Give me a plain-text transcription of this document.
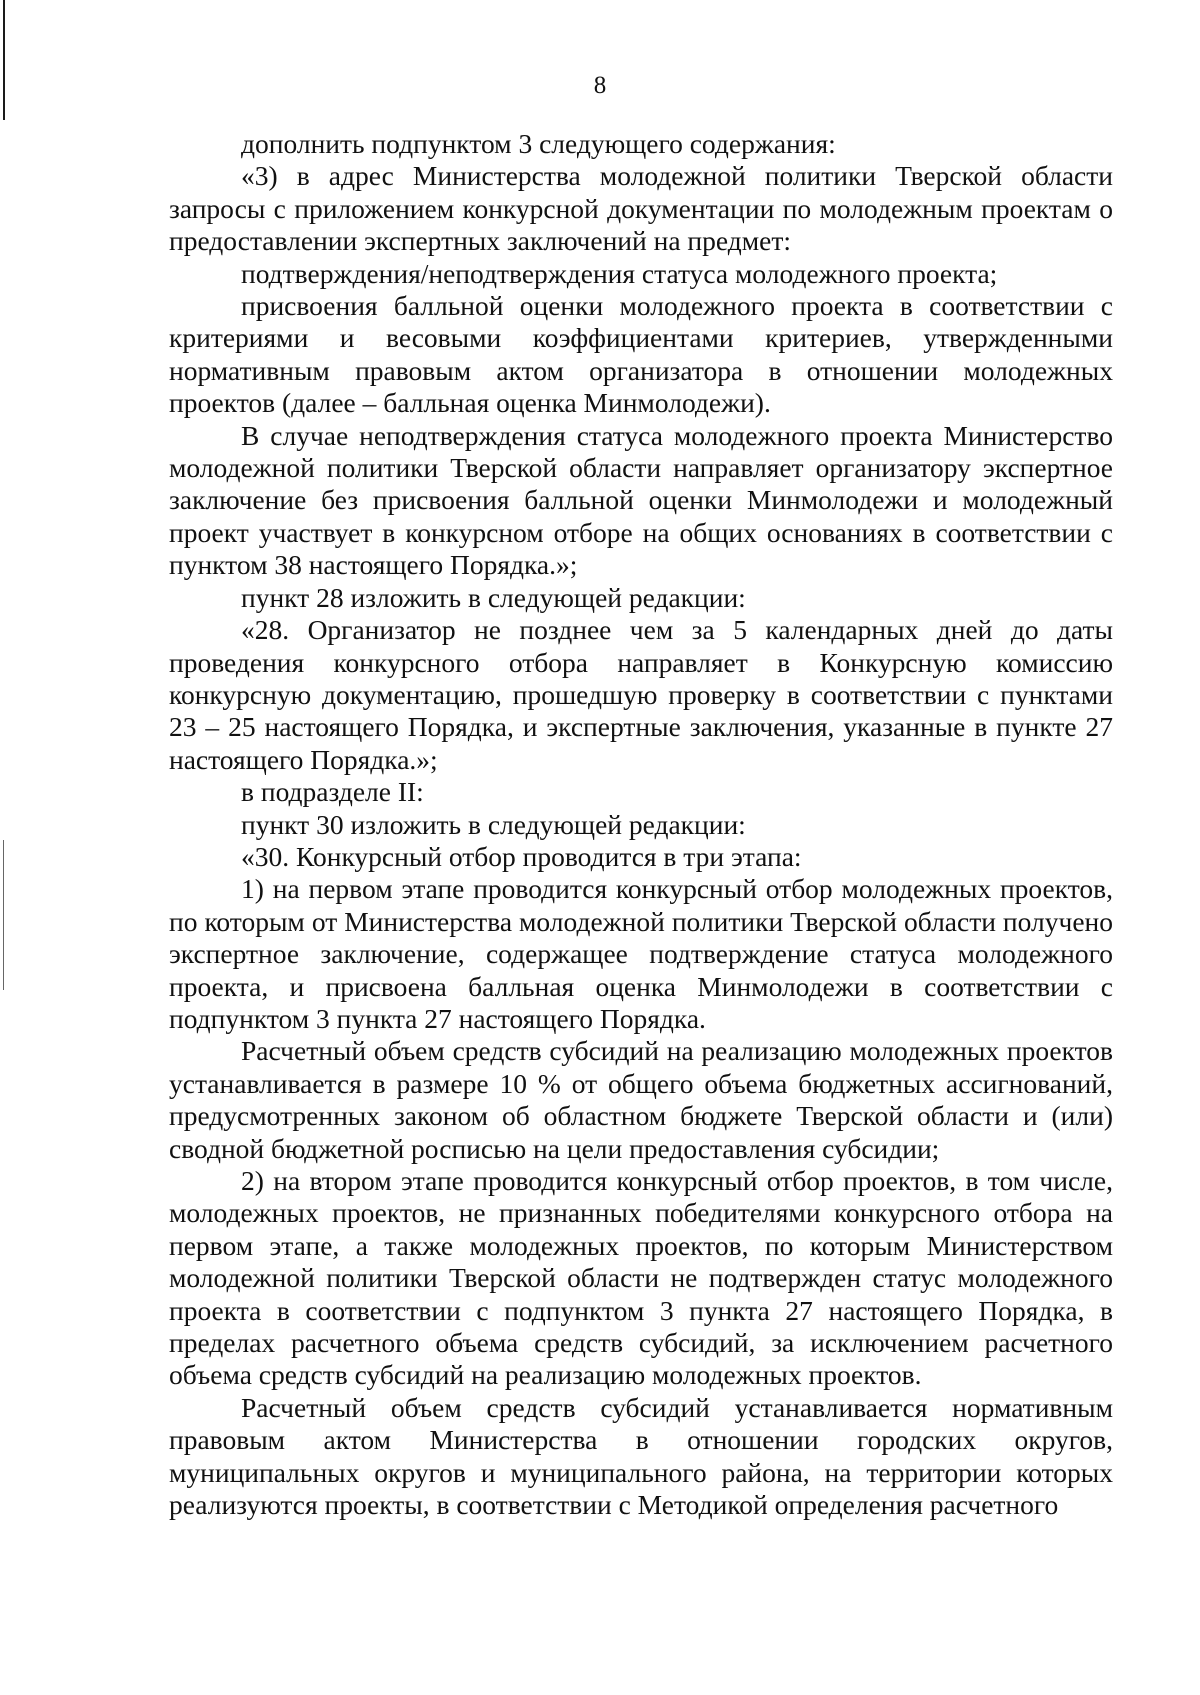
8

дополнить подпунктом 3 следующего содержания:

«3) в адрес Министерства молодежной политики Тверской области запросы с приложением конкурсной документации по молодежным проектам о предоставлении экспертных заключений на предмет:

подтверждения/неподтверждения статуса молодежного проекта;

присвоения балльной оценки молодежного проекта в соответствии с критериями и весовыми коэффициентами критериев, утвержденными нормативным правовым актом организатора в отношении молодежных проектов (далее – балльная оценка Минмолодежи).

В случае неподтверждения статуса молодежного проекта Министерство молодежной политики Тверской области направляет организатору экспертное заключение без присвоения балльной оценки Минмолодежи и молодежный проект участвует в конкурсном отборе на общих основаниях в соответствии с пунктом 38 настоящего Порядка.»;

пункт 28 изложить в следующей редакции:

«28. Организатор не позднее чем за 5 календарных дней до даты проведения конкурсного отбора направляет в Конкурсную комиссию конкурсную документацию, прошедшую проверку в соответствии с пунктами 23 – 25 настоящего Порядка, и экспертные заключения, указанные в пункте 27 настоящего Порядка.»;

в подразделе II:

пункт 30 изложить в следующей редакции:

«30. Конкурсный отбор проводится в три этапа:

1) на первом этапе проводится конкурсный отбор молодежных проектов, по которым от Министерства молодежной политики Тверской области получено экспертное заключение, содержащее подтверждение статуса молодежного проекта, и присвоена балльная оценка Минмолодежи в соответствии с подпунктом 3 пункта 27 настоящего Порядка.

Расчетный объем средств субсидий на реализацию молодежных проектов устанавливается в размере 10 % от общего объема бюджетных ассигнований, предусмотренных законом об областном бюджете Тверской области и (или) сводной бюджетной росписью на цели предоставления субсидии;

2) на втором этапе проводится конкурсный отбор проектов, в том числе, молодежных проектов, не признанных победителями конкурсного отбора на первом этапе, а также молодежных проектов, по которым Министерством молодежной политики Тверской области не подтвержден статус молодежного проекта в соответствии с подпунктом 3 пункта 27 настоящего Порядка, в пределах расчетного объема средств субсидий, за исключением расчетного объема средств субсидий на реализацию молодежных проектов.

Расчетный объем средств субсидий устанавливается нормативным правовым актом Министерства в отношении городских округов, муниципальных округов и муниципального района, на территории которых реализуются проекты, в соответствии с Методикой определения расчетного
